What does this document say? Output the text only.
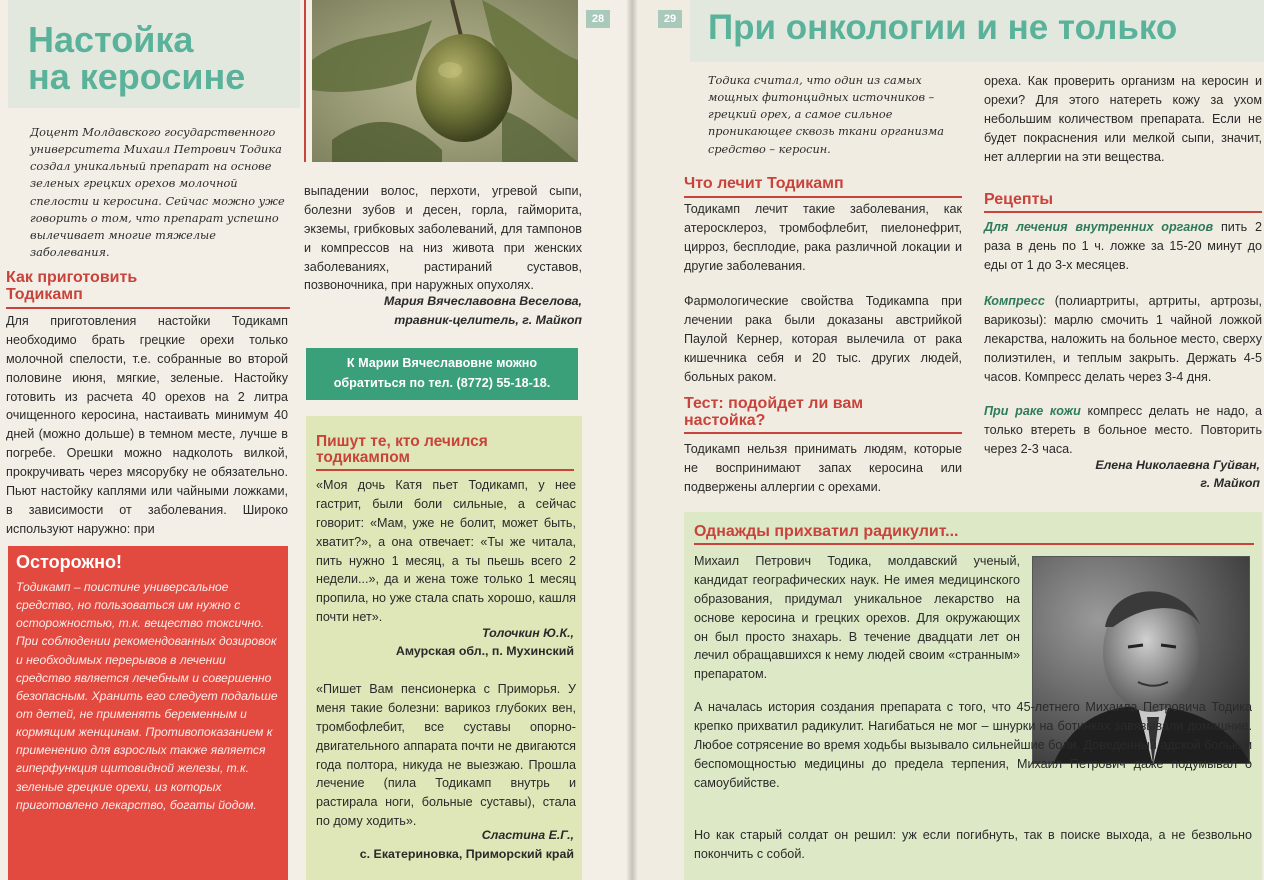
Настойка
на керосине
Доцент Молдавского государственного университета Михаил Петрович Тодика создал уникальный препарат на основе зеленых грецких орехов молочной спелости и керосина. Сейчас можно уже говорить о том, что препарат успешно вылечивает многие тяжелые заболевания.
Как приготовить
Тодикамп
Для приготовления настойки Тодикамп необходимо брать грецкие орехи только молочной спелости, т.е. собранные во второй половине июня, мягкие, зеленые. Настойку готовить из расчета 40 орехов на 2 литра очищенного керосина, настаивать минимум 40 дней (можно дольше) в темном месте, лучше в погребе. Орешки можно надколоть вилкой, прокручивать через мясорубку не обязательно. Пьют настойку каплями или чайными ложками, в зависимости от заболевания. Широко используют наружно: при
Осторожно!
Тодикамп – поистине универсальное средство, но пользоваться им нужно с осторожностью, т.к. вещество токсично. При соблюдении рекомендованных дозировок и необходимых перерывов в лечении средство является лечебным и совершенно безопасным. Хранить его следует подальше от детей, не применять беременным и кормящим женщинам. Противопоказанием к применению для взрослых также является гиперфункция щитовидной железы, т.к. зеленые грецкие орехи, из которых приготовлено лекарство, богаты йодом.
выпадении волос, перхоти, угревой сыпи, болезни зубов и десен, горла, гайморита, экземы, грибковых заболеваний, для тампонов и компрессов на низ живота при женских заболеваниях, растираний суставов, позвоночника, при наружных опухолях.
Мария Вячеславовна Веселова,
травник-целитель, г. Майкоп
К Марии Вячеславовне можно обратиться по тел. (8772) 55-18-18.
Пишут те, кто лечился
тодикампом
«Моя дочь Катя пьет Тодикамп, у нее гастрит, были боли сильные, а сейчас говорит: «Мам, уже не болит, может быть, хватит?», а она отвечает: «Ты же читала, пить нужно 1 месяц, а ты пьешь всего 2 недели...», да и жена тоже только 1 месяц пропила, но уже стала спать хорошо, кашля почти нет».
Толочкин Ю.К.,
Амурская обл., п. Мухинский
«Пишет Вам пенсионерка с Приморья. У меня такие болезни: варикоз глубоких вен, тромбофлебит, все суставы опорно-двигательного аппарата почти не двигаются года полтора, никуда не выезжаю. Прошла лечение (пила Тодикамп внутрь и растирала ноги, больные суставы), стала по дому ходить».
Сластина Е.Г.,
с. Екатериновка, Приморский край
28	29 При онкологии и не только
Тодика считал, что один из самых мощных фитонцидных источников – грецкий орех, а самое сильное проникающее сквозь ткани организма средство – керосин.
Что лечит Тодикамп
Тодикамп лечит такие заболевания, как атеросклероз, тромбофлебит, пиелонефрит, цирроз, бесплодие, рака различной локации и другие заболевания.
Фармологические свойства Тодикампа при лечении рака были доказаны австрийкой Паулой Кернер, которая вылечила от рака кишечника себя и 20 тыс. других людей, больных раком.
Тест: подойдет ли вам
настойка?
Тодикамп нельзя принимать людям, которые не воспринимают запах керосина или подвержены аллергии с орехами.
ореха. Как проверить организм на керосин и орехи? Для этого натереть кожу за ухом небольшим количеством препарата. Если не будет покраснения или мелкой сыпи, значит, нет аллергии на эти вещества.
Рецепты
Для лечения внутренних органов пить 2 раза в день по 1 ч. ложке за 15-20 минут до еды от 1 до 3-х месяцев.
Компресс (полиартриты, артриты, артрозы, варикозы): марлю смочить 1 чайной ложкой лекарства, наложить на больное место, сверху полиэтилен, и теплым закрыть. Держать 4-5 часов. Компресс делать через 3-4 дня.
При раке кожи компресс делать не надо, а только втереть в больное место. Повторить через 2-3 часа.
Елена Николаевна Гуйван,
г. Майкоп
Однажды прихватил радикулит...
Михаил Петрович Тодика, молдавский ученый, кандидат географических наук. Не имея медицинского образования, придумал уникальное лекарство на основе керосина и грецких орехов. Для окружающих он был просто знахарь. В течение двадцати лет он лечил обращавшихся к нему людей своим «странным» препаратом.
А началась история создания препарата с того, что 45-летнего Михаила Петровича Тодика крепко прихватил радикулит. Нагибаться не мог – шнурки на ботинках завязывали домашние. Любое сотрясение во время ходьбы вызывало сильнейшие боли. Доведенный адской болью и беспомощностью медицины до предела терпения, Михаил Петрович даже подумывал о самоубийстве.
Но как старый солдат он решил: уж если погибнуть, так в поиске выхода, а не безвольно покончить с собой.
